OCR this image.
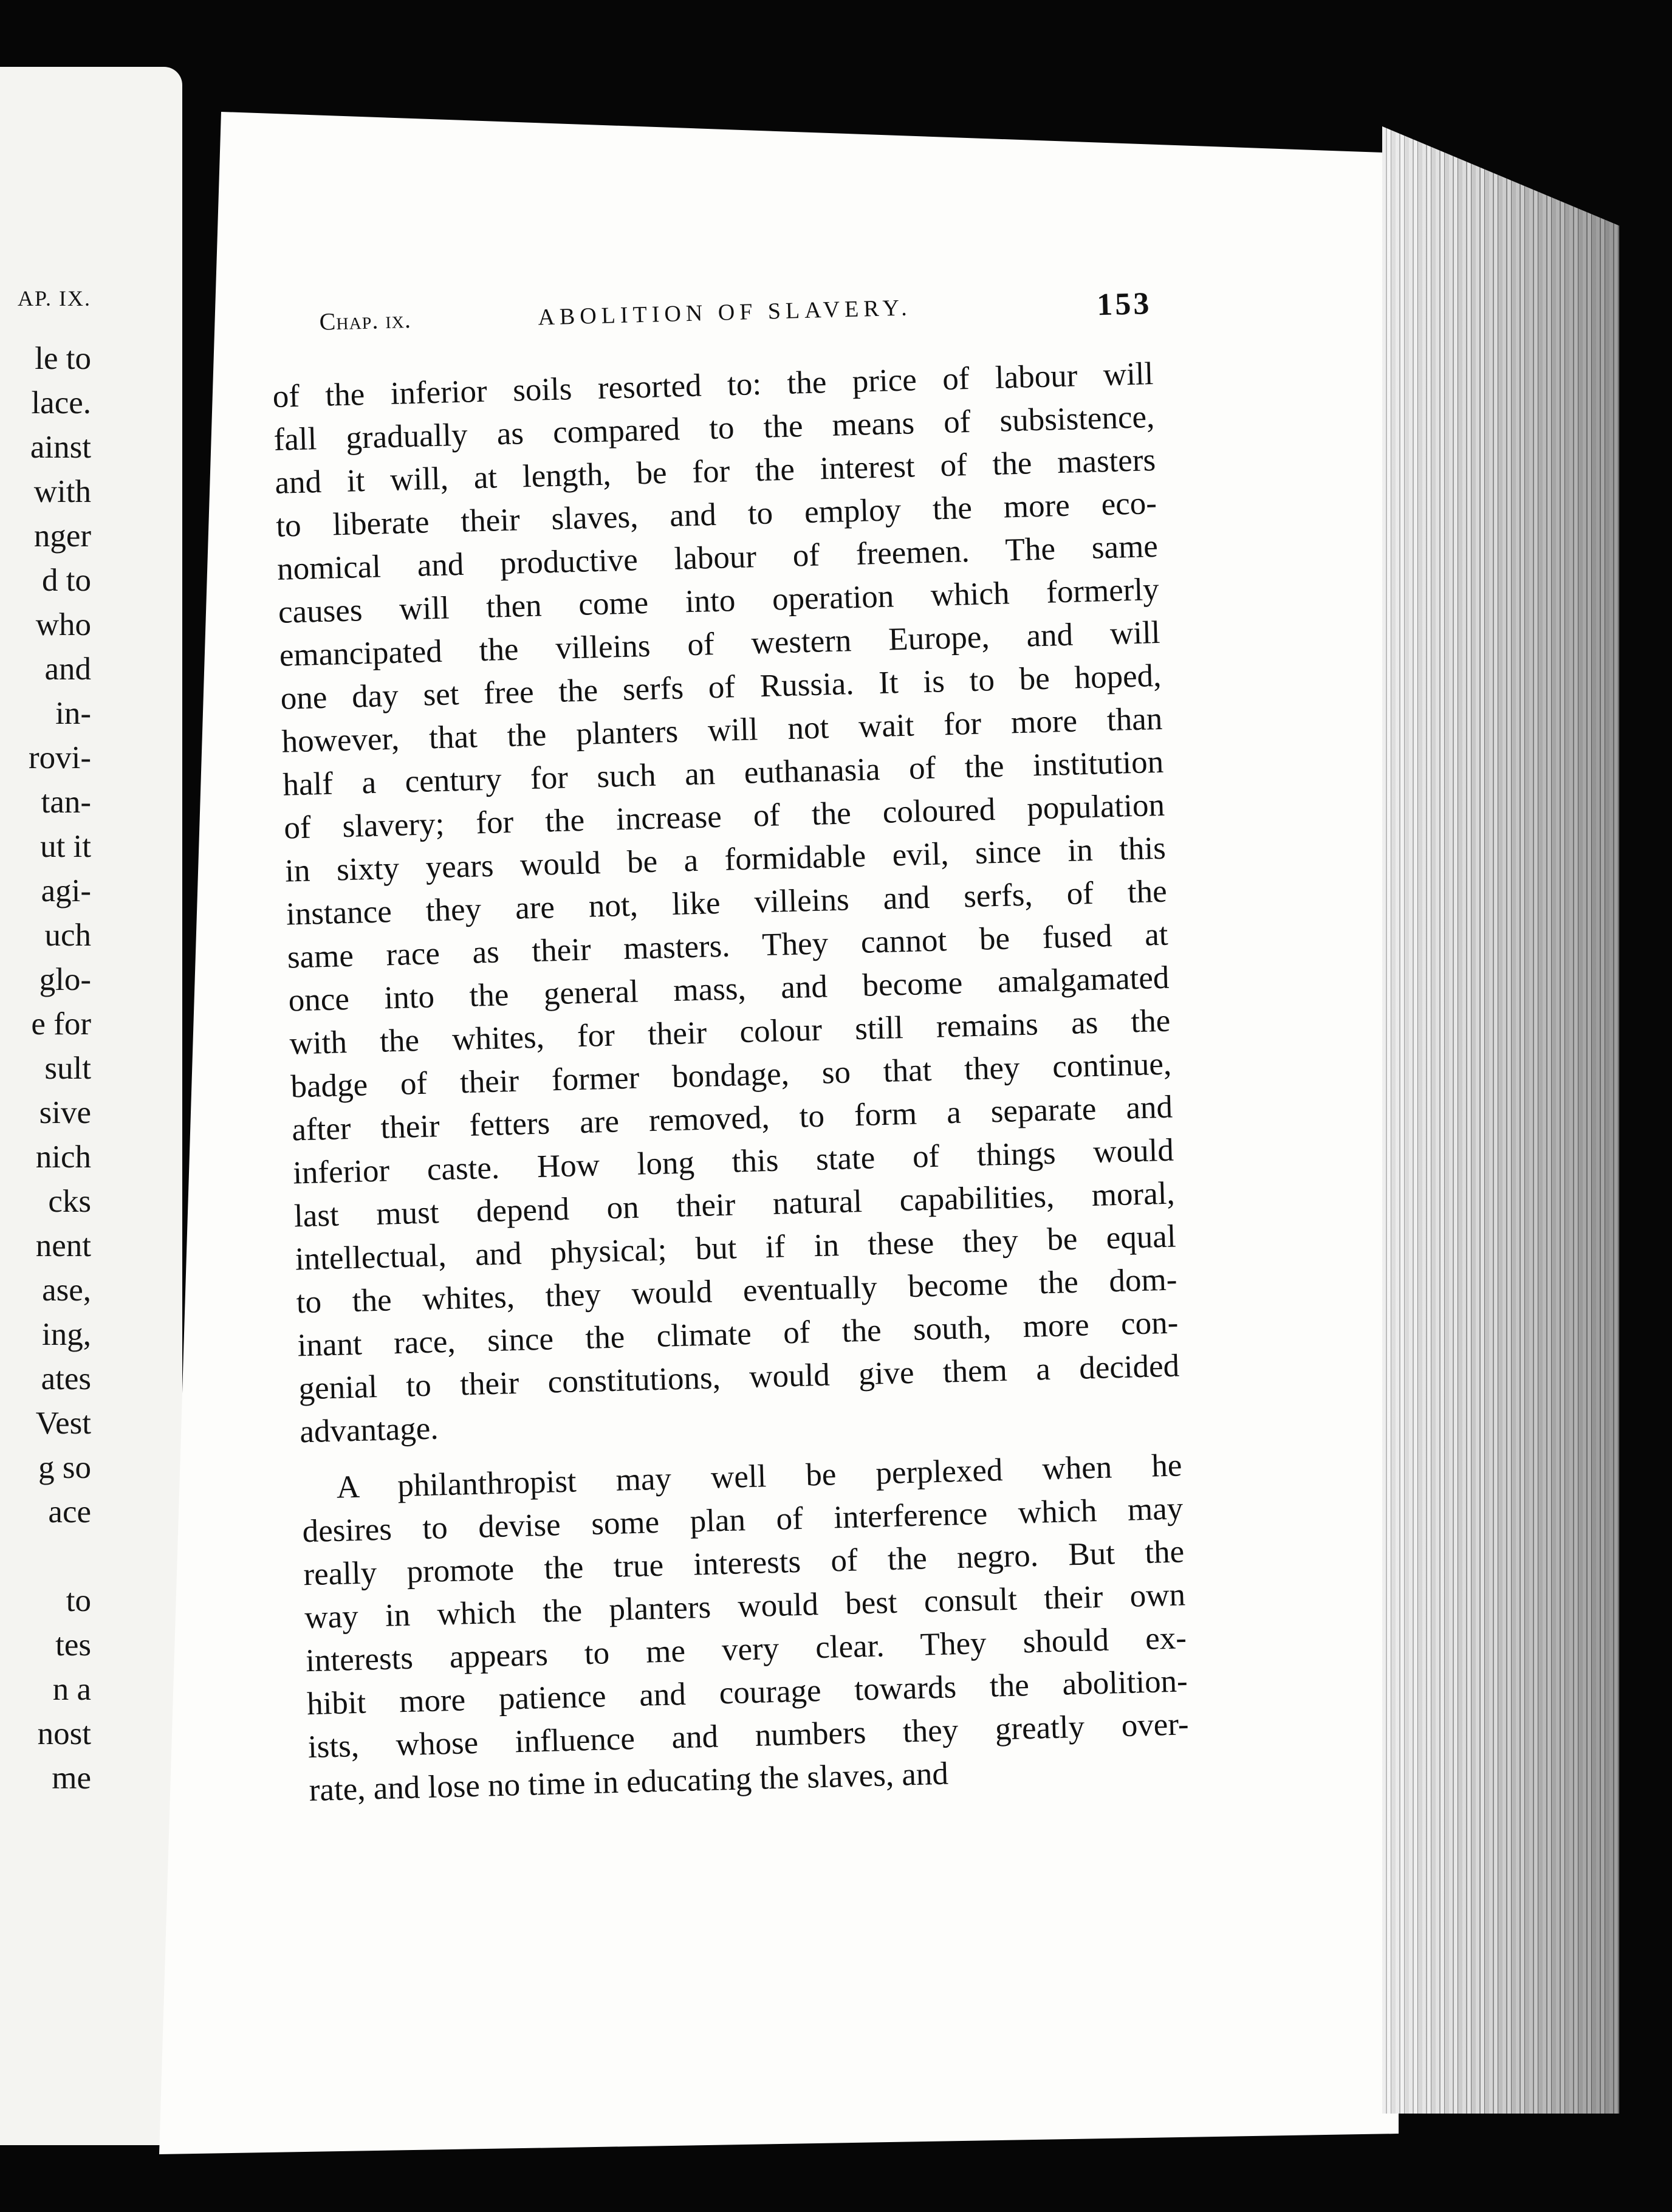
AP. IX.
le to
lace.
ainst
with
nger
d to
who
and
in-
rovi-
tan-
ut it
agi-
uch
glo-
e for
sult
sive
nich
cks
nent
ase,
ing,
ates
Vest
g so
ace
to
tes
n a
nost
me
Chap. ix.	ABOLITION OF SLAVERY.	153
of the inferior soils resorted to: the price of labour will
fall gradually as compared to the means of subsistence,
and it will, at length, be for the interest of the masters
to liberate their slaves, and to employ the more eco-
nomical and productive labour of freemen. The same
causes will then come into operation which formerly
emancipated the villeins of western Europe, and will
one day set free the serfs of Russia. It is to be hoped,
however, that the planters will not wait for more than
half a century for such an euthanasia of the institution
of slavery; for the increase of the coloured population
in sixty years would be a formidable evil, since in this
instance they are not, like villeins and serfs, of the
same race as their masters. They cannot be fused at
once into the general mass, and become amalgamated
with the whites, for their colour still remains as the
badge of their former bondage, so that they continue,
after their fetters are removed, to form a separate and
inferior caste. How long this state of things would
last must depend on their natural capabilities, moral,
intellectual, and physical; but if in these they be equal
to the whites, they would eventually become the dom-
inant race, since the climate of the south, more con-
genial to their constitutions, would give them a decided
advantage.
A philanthropist may well be perplexed when he
desires to devise some plan of interference which may
really promote the true interests of the negro. But the
way in which the planters would best consult their own
interests appears to me very clear. They should ex-
hibit more patience and courage towards the abolition-
ists, whose influence and numbers they greatly over-
rate, and lose no time in educating the slaves, and
